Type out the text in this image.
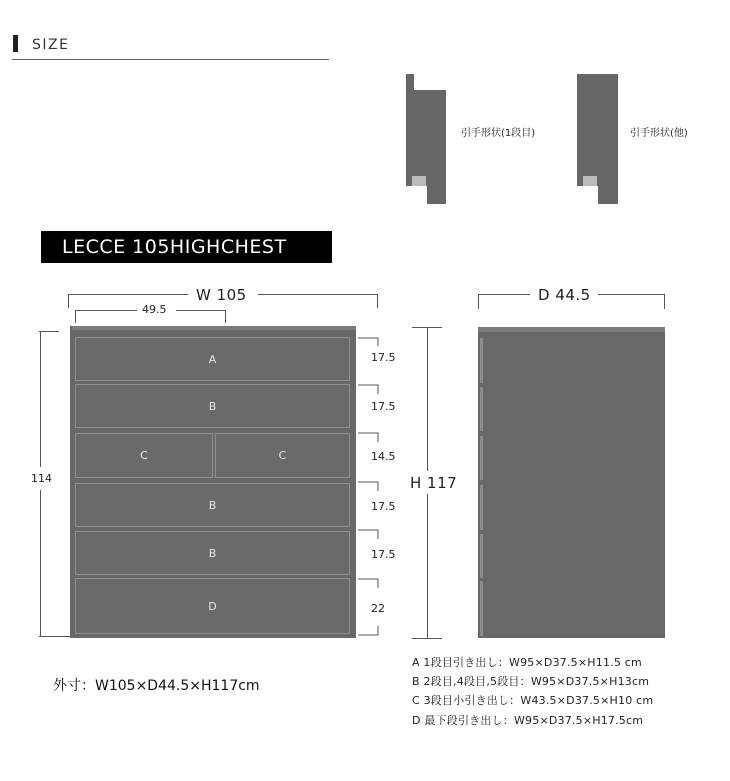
SIZE
引手形状(1段目)	引手形状(他)
LECCE 105HIGHCHEST
W 105
49.5
114
A
B
C	C
B
B
D
17.5
17.5
14.5
17.5
17.5
22
H 117
D 44.5
外寸：W105×D44.5×H117cm
A 1段目引き出し：W95×D37.5×H11.5 cm
B 2段目,4段目,5段目：W95×D37.5×H13cm
C 3段目小引き出し：W43.5×D37.5×H10 cm
D 最下段引き出し：W95×D37.5×H17.5cm
